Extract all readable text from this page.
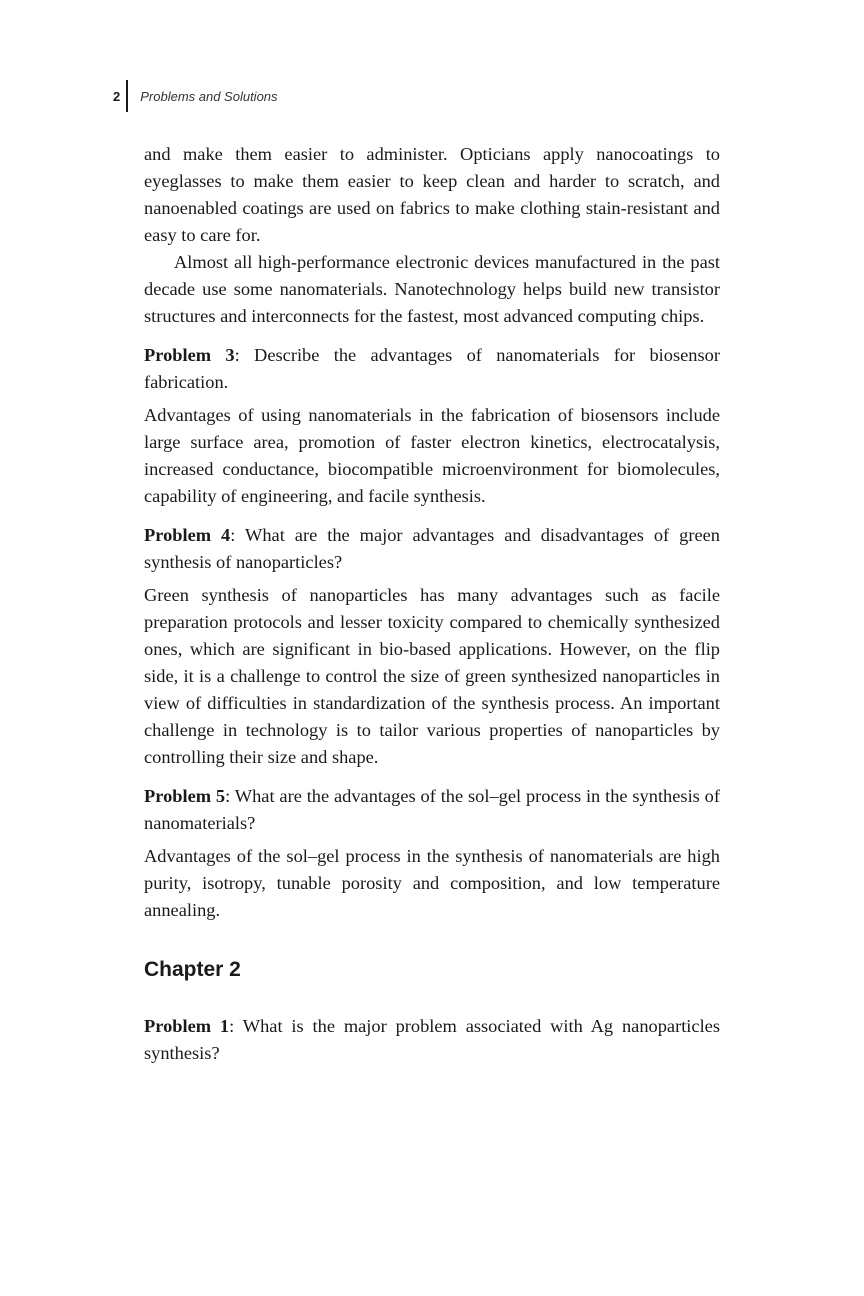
2 Problems and Solutions

and make them easier to administer. Opticians apply nanocoatings to eyeglasses to make them easier to keep clean and harder to scratch, and nanoenabled coatings are used on fabrics to make clothing stain-resistant and easy to care for.

Almost all high-performance electronic devices manufactured in the past decade use some nanomaterials. Nanotechnology helps build new transistor structures and interconnects for the fastest, most advanced computing chips.

Problem 3: Describe the advantages of nanomaterials for biosensor fabrication.

Advantages of using nanomaterials in the fabrication of biosensors include large surface area, promotion of faster electron kinetics, electrocatalysis, increased conductance, biocompatible microenvironment for biomolecules, capability of engineering, and facile synthesis.

Problem 4: What are the major advantages and disadvantages of green synthesis of nanoparticles?

Green synthesis of nanoparticles has many advantages such as facile preparation protocols and lesser toxicity compared to chemically synthesized ones, which are significant in bio-based applications. However, on the flip side, it is a challenge to control the size of green synthesized nanoparticles in view of difficulties in standardization of the synthesis process. An important challenge in technology is to tailor various properties of nanoparticles by controlling their size and shape.

Problem 5: What are the advantages of the sol–gel process in the synthesis of nanomaterials?

Advantages of the sol–gel process in the synthesis of nanomaterials are high purity, isotropy, tunable porosity and composition, and low temperature annealing.

Chapter 2

Problem 1: What is the major problem associated with Ag nanoparticles synthesis?
